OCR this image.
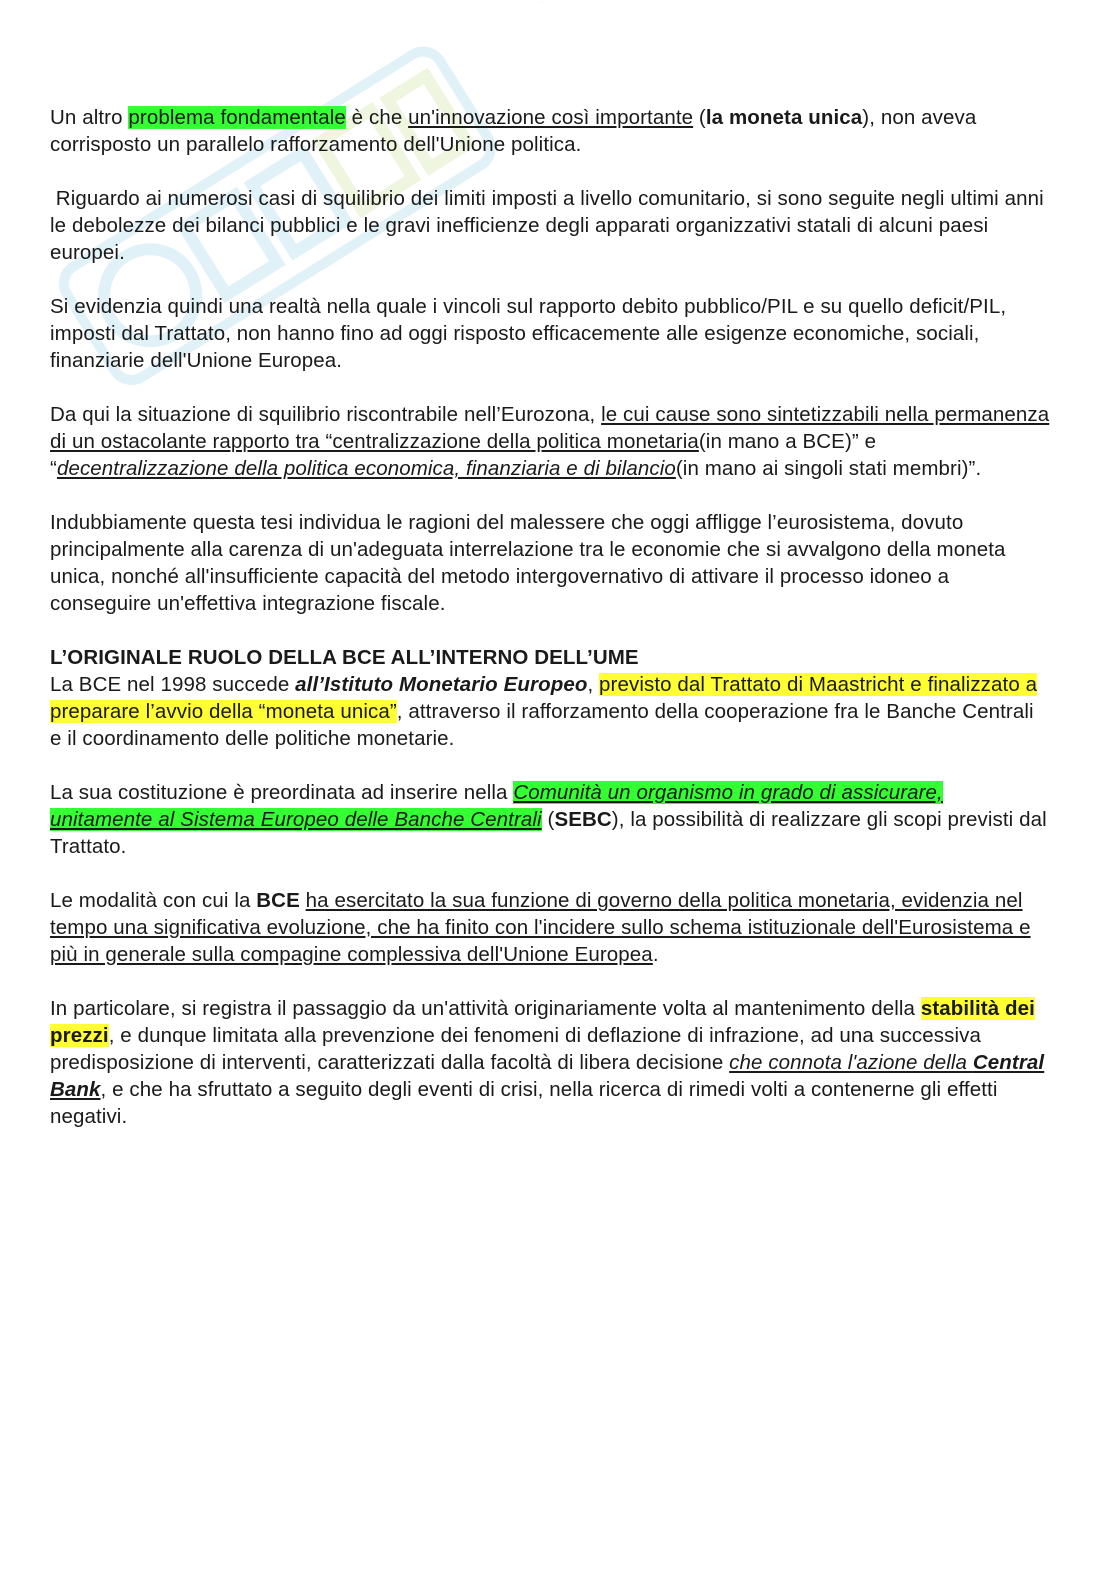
...

Un altro problema fondamentale è che un'innovazione così importante (la moneta unica), non aveva corrisposto un parallelo rafforzamento dell'Unione politica.

Riguardo ai numerosi casi di squilibrio dei limiti imposti a livello comunitario, si sono seguite negli ultimi anni le debolezze dei bilanci pubblici e le gravi inefficienze degli apparati organizzativi statali di alcuni paesi europei.

Si evidenzia quindi una realtà nella quale i vincoli sul rapporto debito pubblico/PIL e su quello deficit/PIL, imposti dal Trattato, non hanno fino ad oggi risposto efficacemente alle esigenze economiche, sociali, finanziarie dell'Unione Europea.

Da qui la situazione di squilibrio riscontrabile nell’Eurozona, le cui cause sono sintetizzabili nella permanenza di un ostacolante rapporto tra “centralizzazione della politica monetaria(in mano a BCE)” e “decentralizzazione della politica economica, finanziaria e di bilancio(in mano ai singoli stati membri)”.

Indubbiamente questa tesi individua le ragioni del malessere che oggi affligge l’eurosistema, dovuto principalmente alla carenza di un'adeguata interrelazione tra le economie che si avvalgono della moneta unica, nonché all'insufficiente capacità del metodo intergovernativo di attivare il processo idoneo a conseguire un'effettiva integrazione fiscale.

L’ORIGINALE RUOLO DELLA BCE ALL’INTERNO DELL’UME

La BCE nel 1998 succede all’Istituto Monetario Europeo, previsto dal Trattato di Maastricht e finalizzato a preparare l’avvio della “moneta unica”, attraverso il rafforzamento della cooperazione fra le Banche Centrali e il coordinamento delle politiche monetarie.

La sua costituzione è preordinata ad inserire nella Comunità un organismo in grado di assicurare, unitamente al Sistema Europeo delle Banche Centrali (SEBC), la possibilità di realizzare gli scopi previsti dal Trattato.

Le modalità con cui la BCE ha esercitato la sua funzione di governo della politica monetaria, evidenzia nel tempo una significativa evoluzione, che ha finito con l'incidere sullo schema istituzionale dell'Eurosistema e più in generale sulla compagine complessiva dell'Unione Europea.

In particolare, si registra il passaggio da un'attività originariamente volta al mantenimento della stabilità dei prezzi, e dunque limitata alla prevenzione dei fenomeni di deflazione di infrazione, ad una successiva predisposizione di interventi, caratterizzati dalla facoltà di libera decisione che connota l'azione della Central Bank, e che ha sfruttato a seguito degli eventi di crisi, nella ricerca di rimedi volti a contenerne gli effetti negativi.
